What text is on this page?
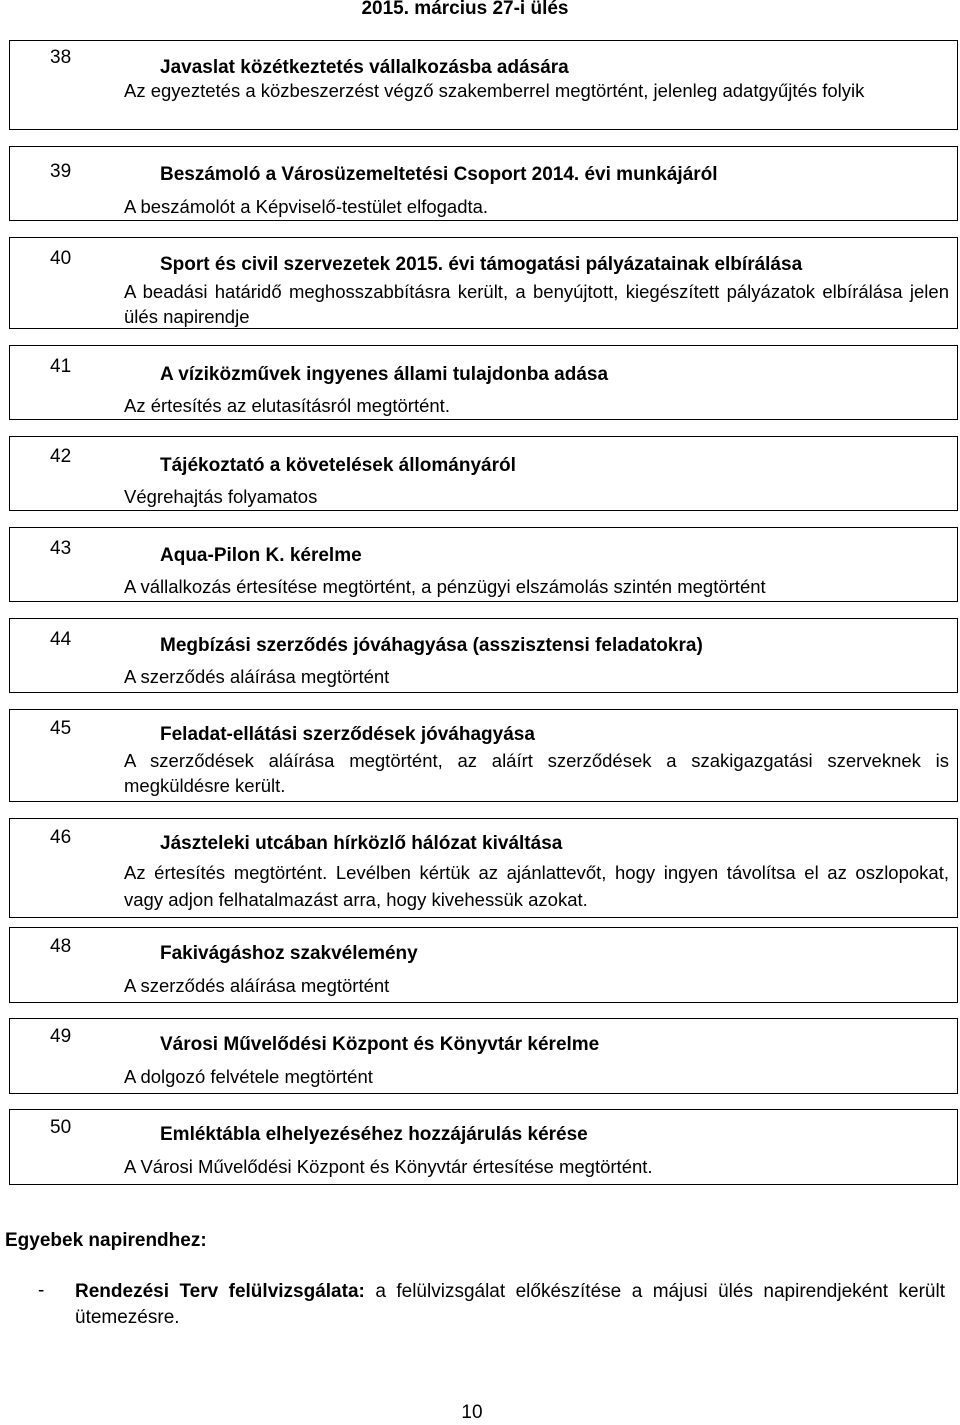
2015. március 27-i ülés
38	Javaslat közétkeztetés vállalkozásba adására
Az egyeztetés a közbeszerzést végző szakemberrel megtörtént, jelenleg adatgyűjtés folyik
39	Beszámoló a Városüzemeltetési Csoport 2014. évi munkájáról
A beszámolót a Képviselő-testület elfogadta.
40	Sport és civil szervezetek 2015. évi támogatási pályázatainak elbírálása
A beadási határidő meghosszabbításra került, a benyújtott, kiegészített pályázatok elbírálása jelen ülés napirendje
41	A víziközművek ingyenes állami tulajdonba adása
Az értesítés az elutasításról megtörtént.
42	Tájékoztató a követelések állományáról
Végrehajtás folyamatos
43	Aqua-Pilon K. kérelme
A vállalkozás értesítése megtörtént, a pénzügyi elszámolás szintén megtörtént
44	Megbízási szerződés jóváhagyása (asszisztensi feladatokra)
A szerződés aláírása megtörtént
45	Feladat-ellátási szerződések jóváhagyása
A szerződések aláírása megtörtént, az aláírt szerződések a szakigazgatási szerveknek is megküldésre került.
46	Jászteleki utcában hírközlő hálózat kiváltása
Az értesítés megtörtént. Levélben kértük az ajánlattevőt, hogy ingyen távolítsa el az oszlopokat, vagy adjon felhatalmazást arra, hogy kivehessük azokat.
48	Fakivágáshoz szakvélemény
A szerződés aláírása megtörtént
49	Városi Művelődési Központ és Könyvtár kérelme
A dolgozó felvétele megtörtént
50	Emléktábla elhelyezéséhez hozzájárulás kérése
A Városi Művelődési Központ és Könyvtár értesítése megtörtént.
Egyebek napirendhez:
- Rendezési Terv felülvizsgálata: a felülvizsgálat előkészítése a májusi ülés napirendjeként került ütemezésre.
10
